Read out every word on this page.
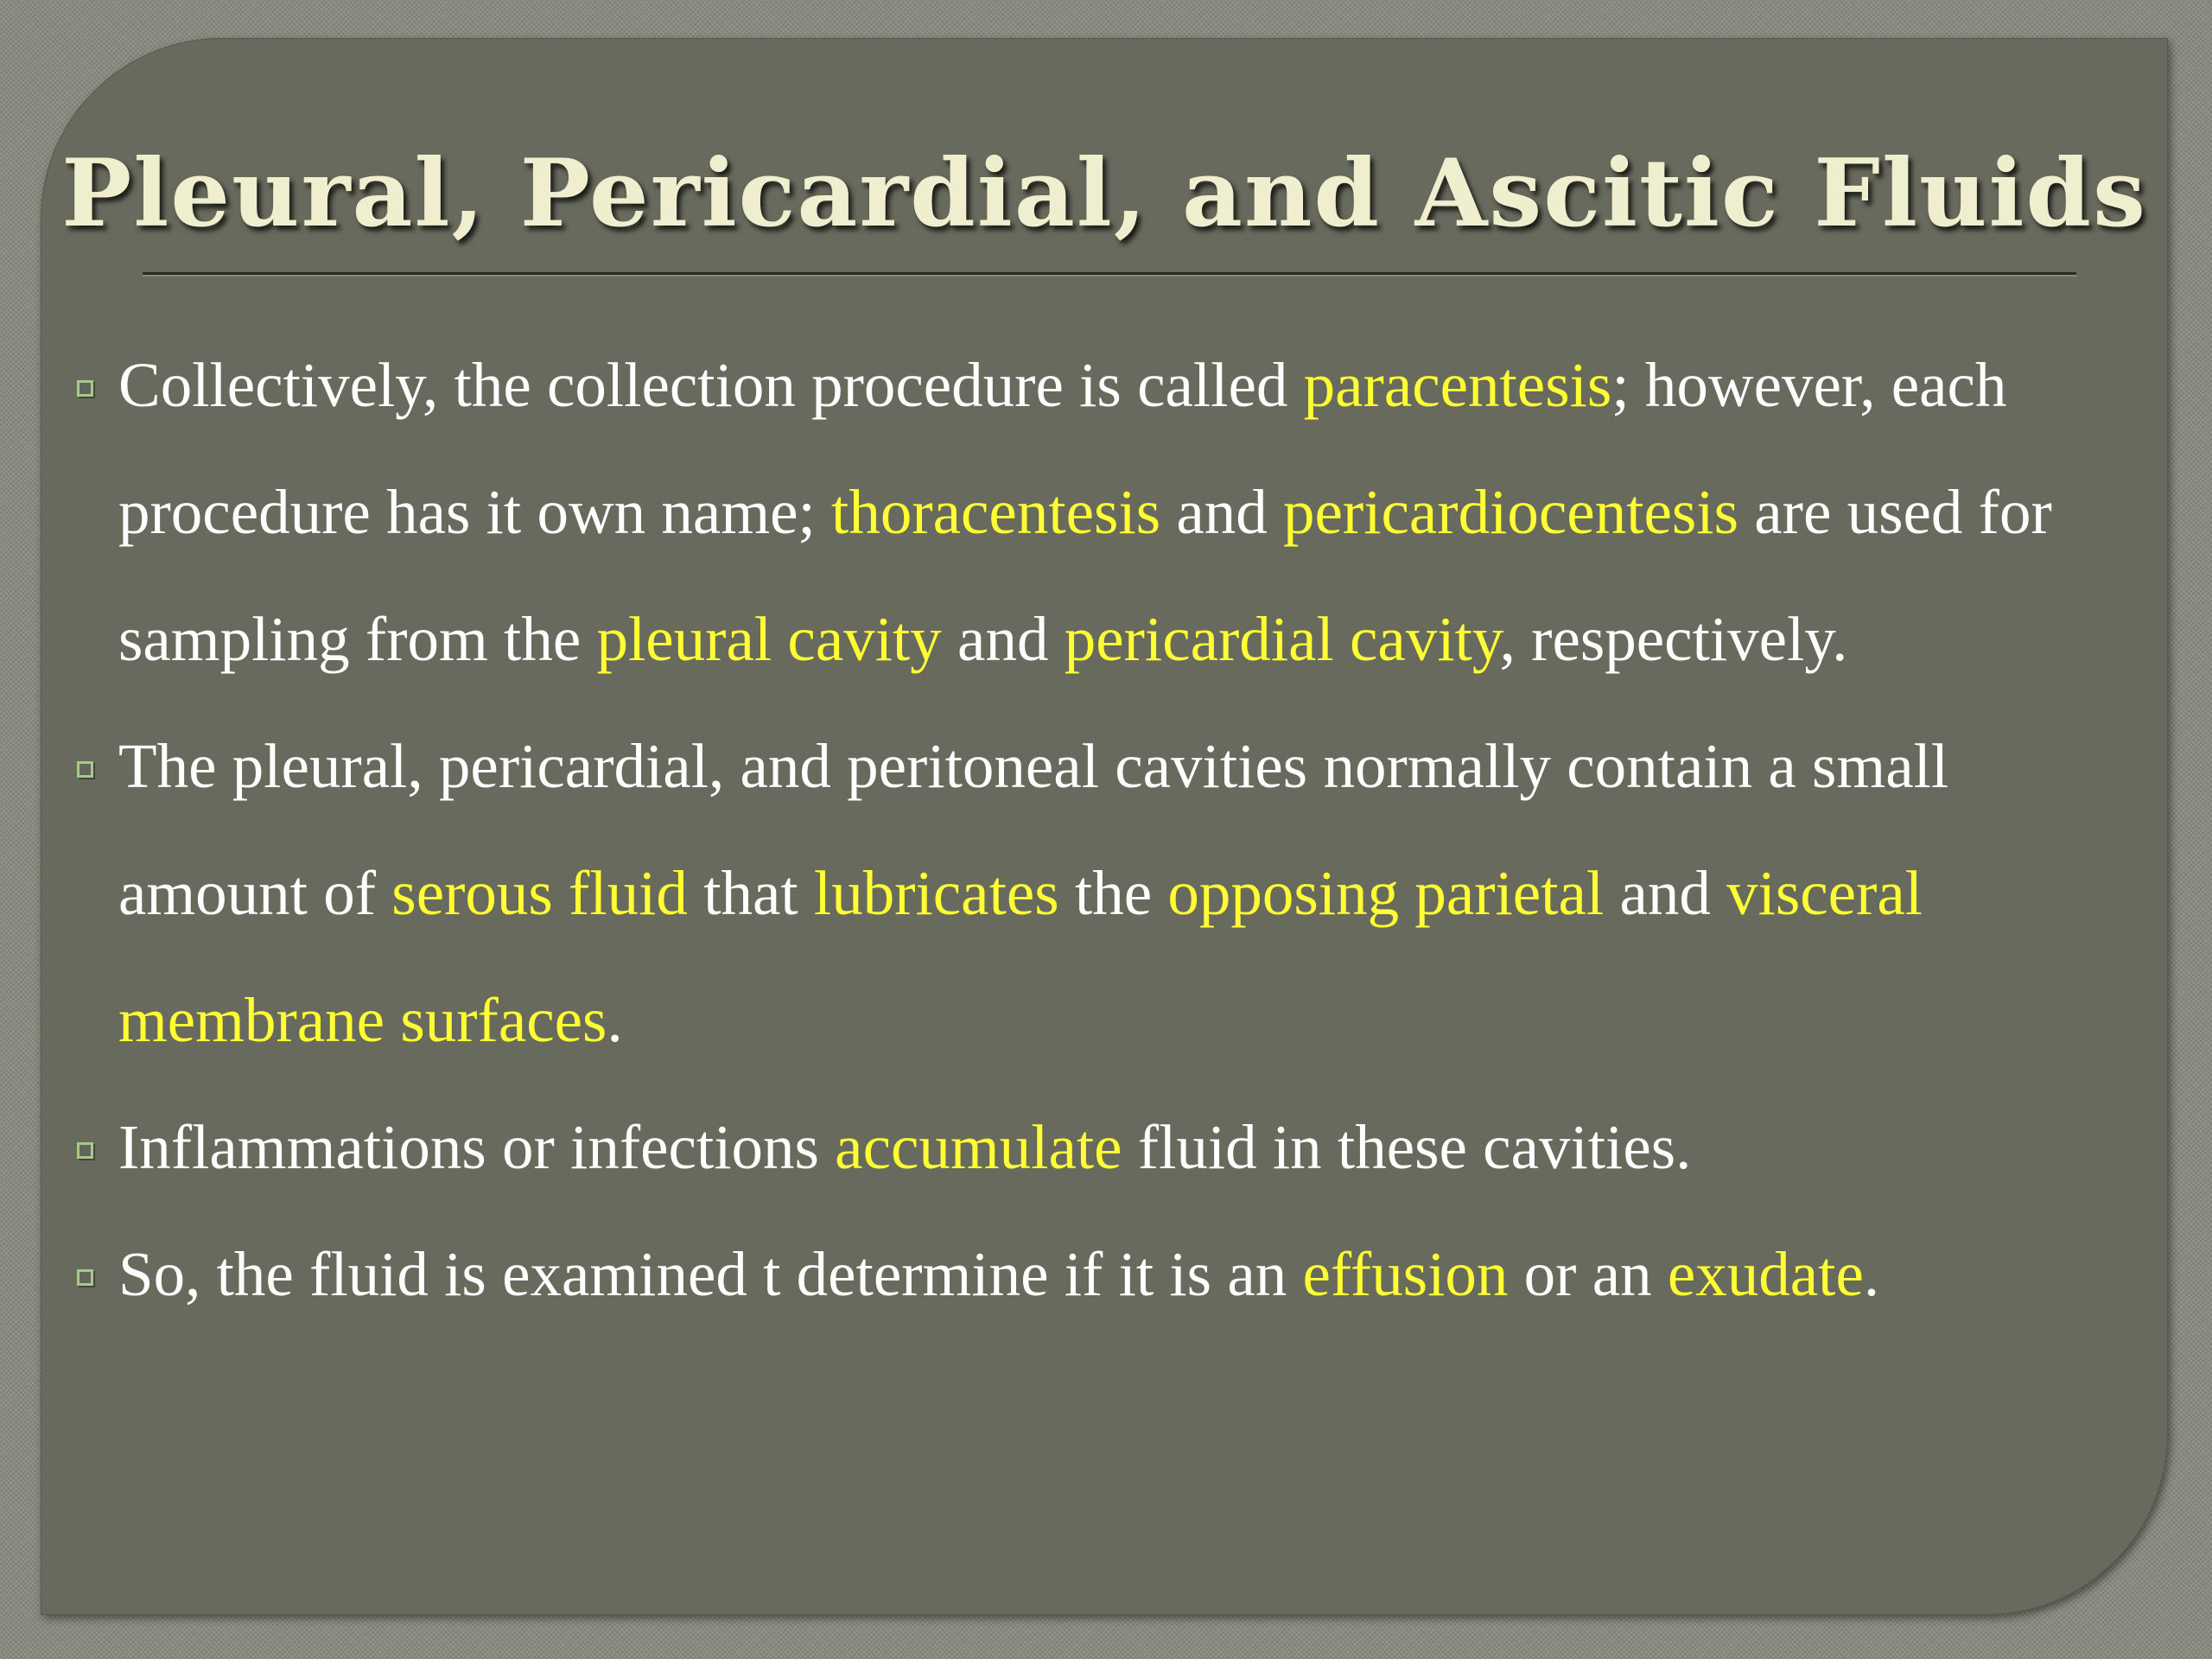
Pleural, Pericardial, and Ascitic Fluids
Collectively, the collection procedure is called paracentesis; however, each procedure has it own name; thoracentesis and pericardiocentesis are used for sampling from the pleural cavity and pericardial cavity, respectively.
The pleural, pericardial, and peritoneal cavities normally contain a small amount of serous fluid that lubricates the opposing parietal and visceral membrane surfaces.
Inflammations or infections accumulate fluid in these cavities.
So, the fluid is examined t determine if it is an effusion or an exudate.
